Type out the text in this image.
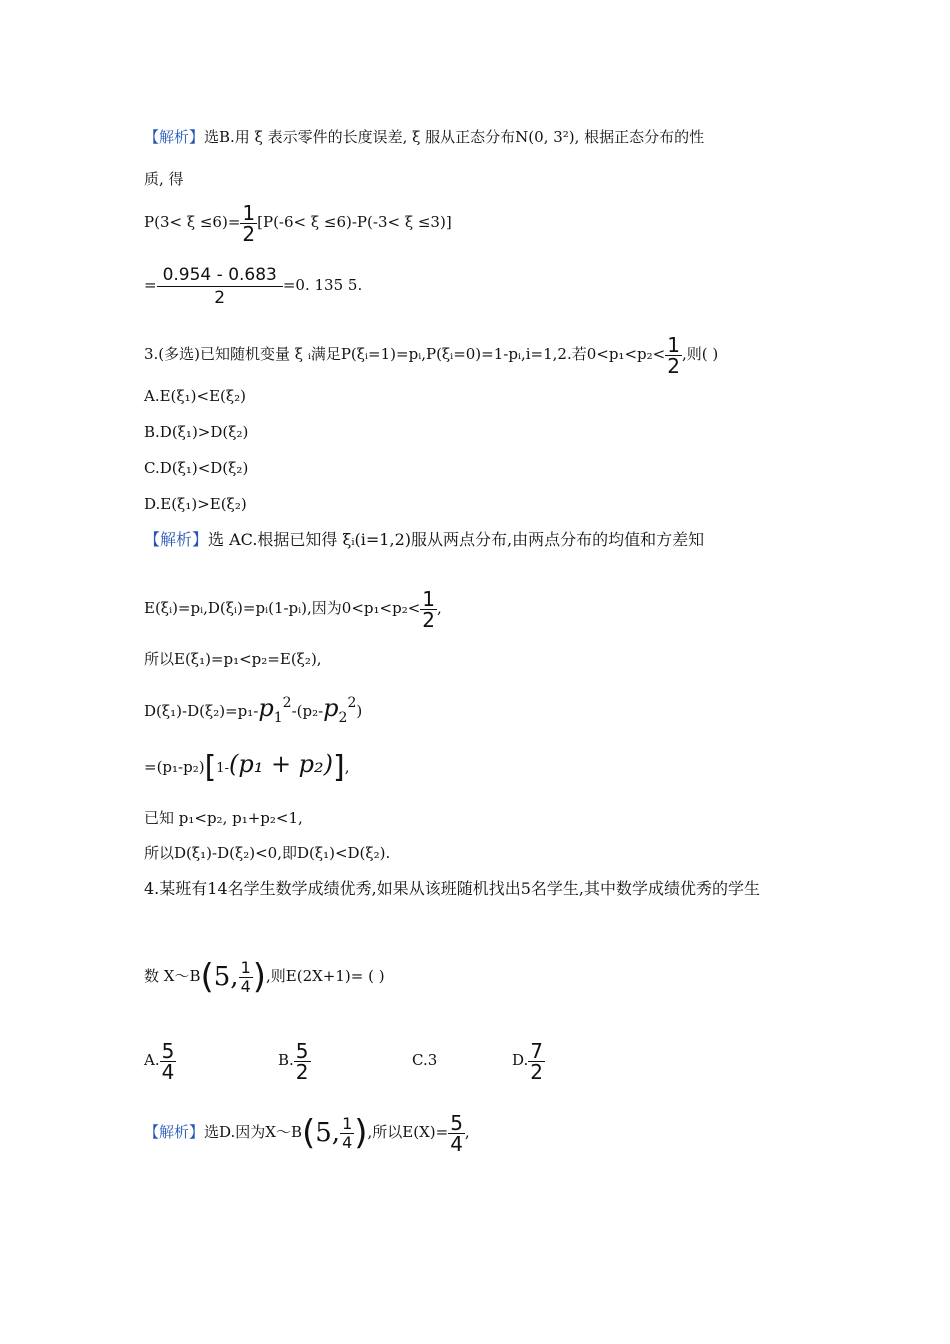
【解析】选B.用 ξ 表示零件的长度误差, ξ 服从正态分布N(0, 3²), 根据正态分布的性
质, 得
$P(3< \xi \le 6)= \frac{1}{2} [P(-6< \xi \le 6)-P(-3< \xi \le 3)]$
= $\frac{0.954 - 0.683}{2} =0$. 135 5.
3.(多选)已知随机变量 ξ ᵢ满足P(ξᵢ=1)=pᵢ,P(ξᵢ=0)=1-pᵢ,i=1,2.若$0<p_1<p_2< \frac{1}{2}$ ,则( )
A.E(ξ₁)<E(ξ₂)
B.D(ξ₁)>D(ξ₂)
C.D(ξ₁)<D(ξ₂)
D.E(ξ₁)>E(ξ₂)
【解析】选 AC.根据已知得 ξᵢ(i=1,2)服从两点分布,由两点分布的均值和方差知
E(ξᵢ)=pᵢ,D(ξᵢ)=pᵢ(1-pᵢ),因为$0<p_1<p_2< \frac{1}{2}$ ,
所以E(ξ₁)=p₁<p₂=E(ξ₂),
$D(\xi_1)-D(\xi_2)=p_1-p_1^2-(p_2-p_2^2)$
=(p₁-p₂)[1-(p₁ + p₂)],
已知 p₁<p₂, p₁+p₂<1,
所以D(ξ₁)-D(ξ₂)<0,即D(ξ₁)<D(ξ₂).
4.某班有14名学生数学成绩优秀,如果从该班随机找出5名学生,其中数学成绩优秀的学生
数 X～B(5, $\frac{1}{4}$ ),则E(2X+1)= ( )
A. $\frac{5}{4}$	B. $\frac{5}{2}$	C.3	D. $\frac{7}{2}$
【解析】选D.因为X～B(5, $\frac{1}{4}$ ),所以$E(X)= \frac{5}{4}$ ,
